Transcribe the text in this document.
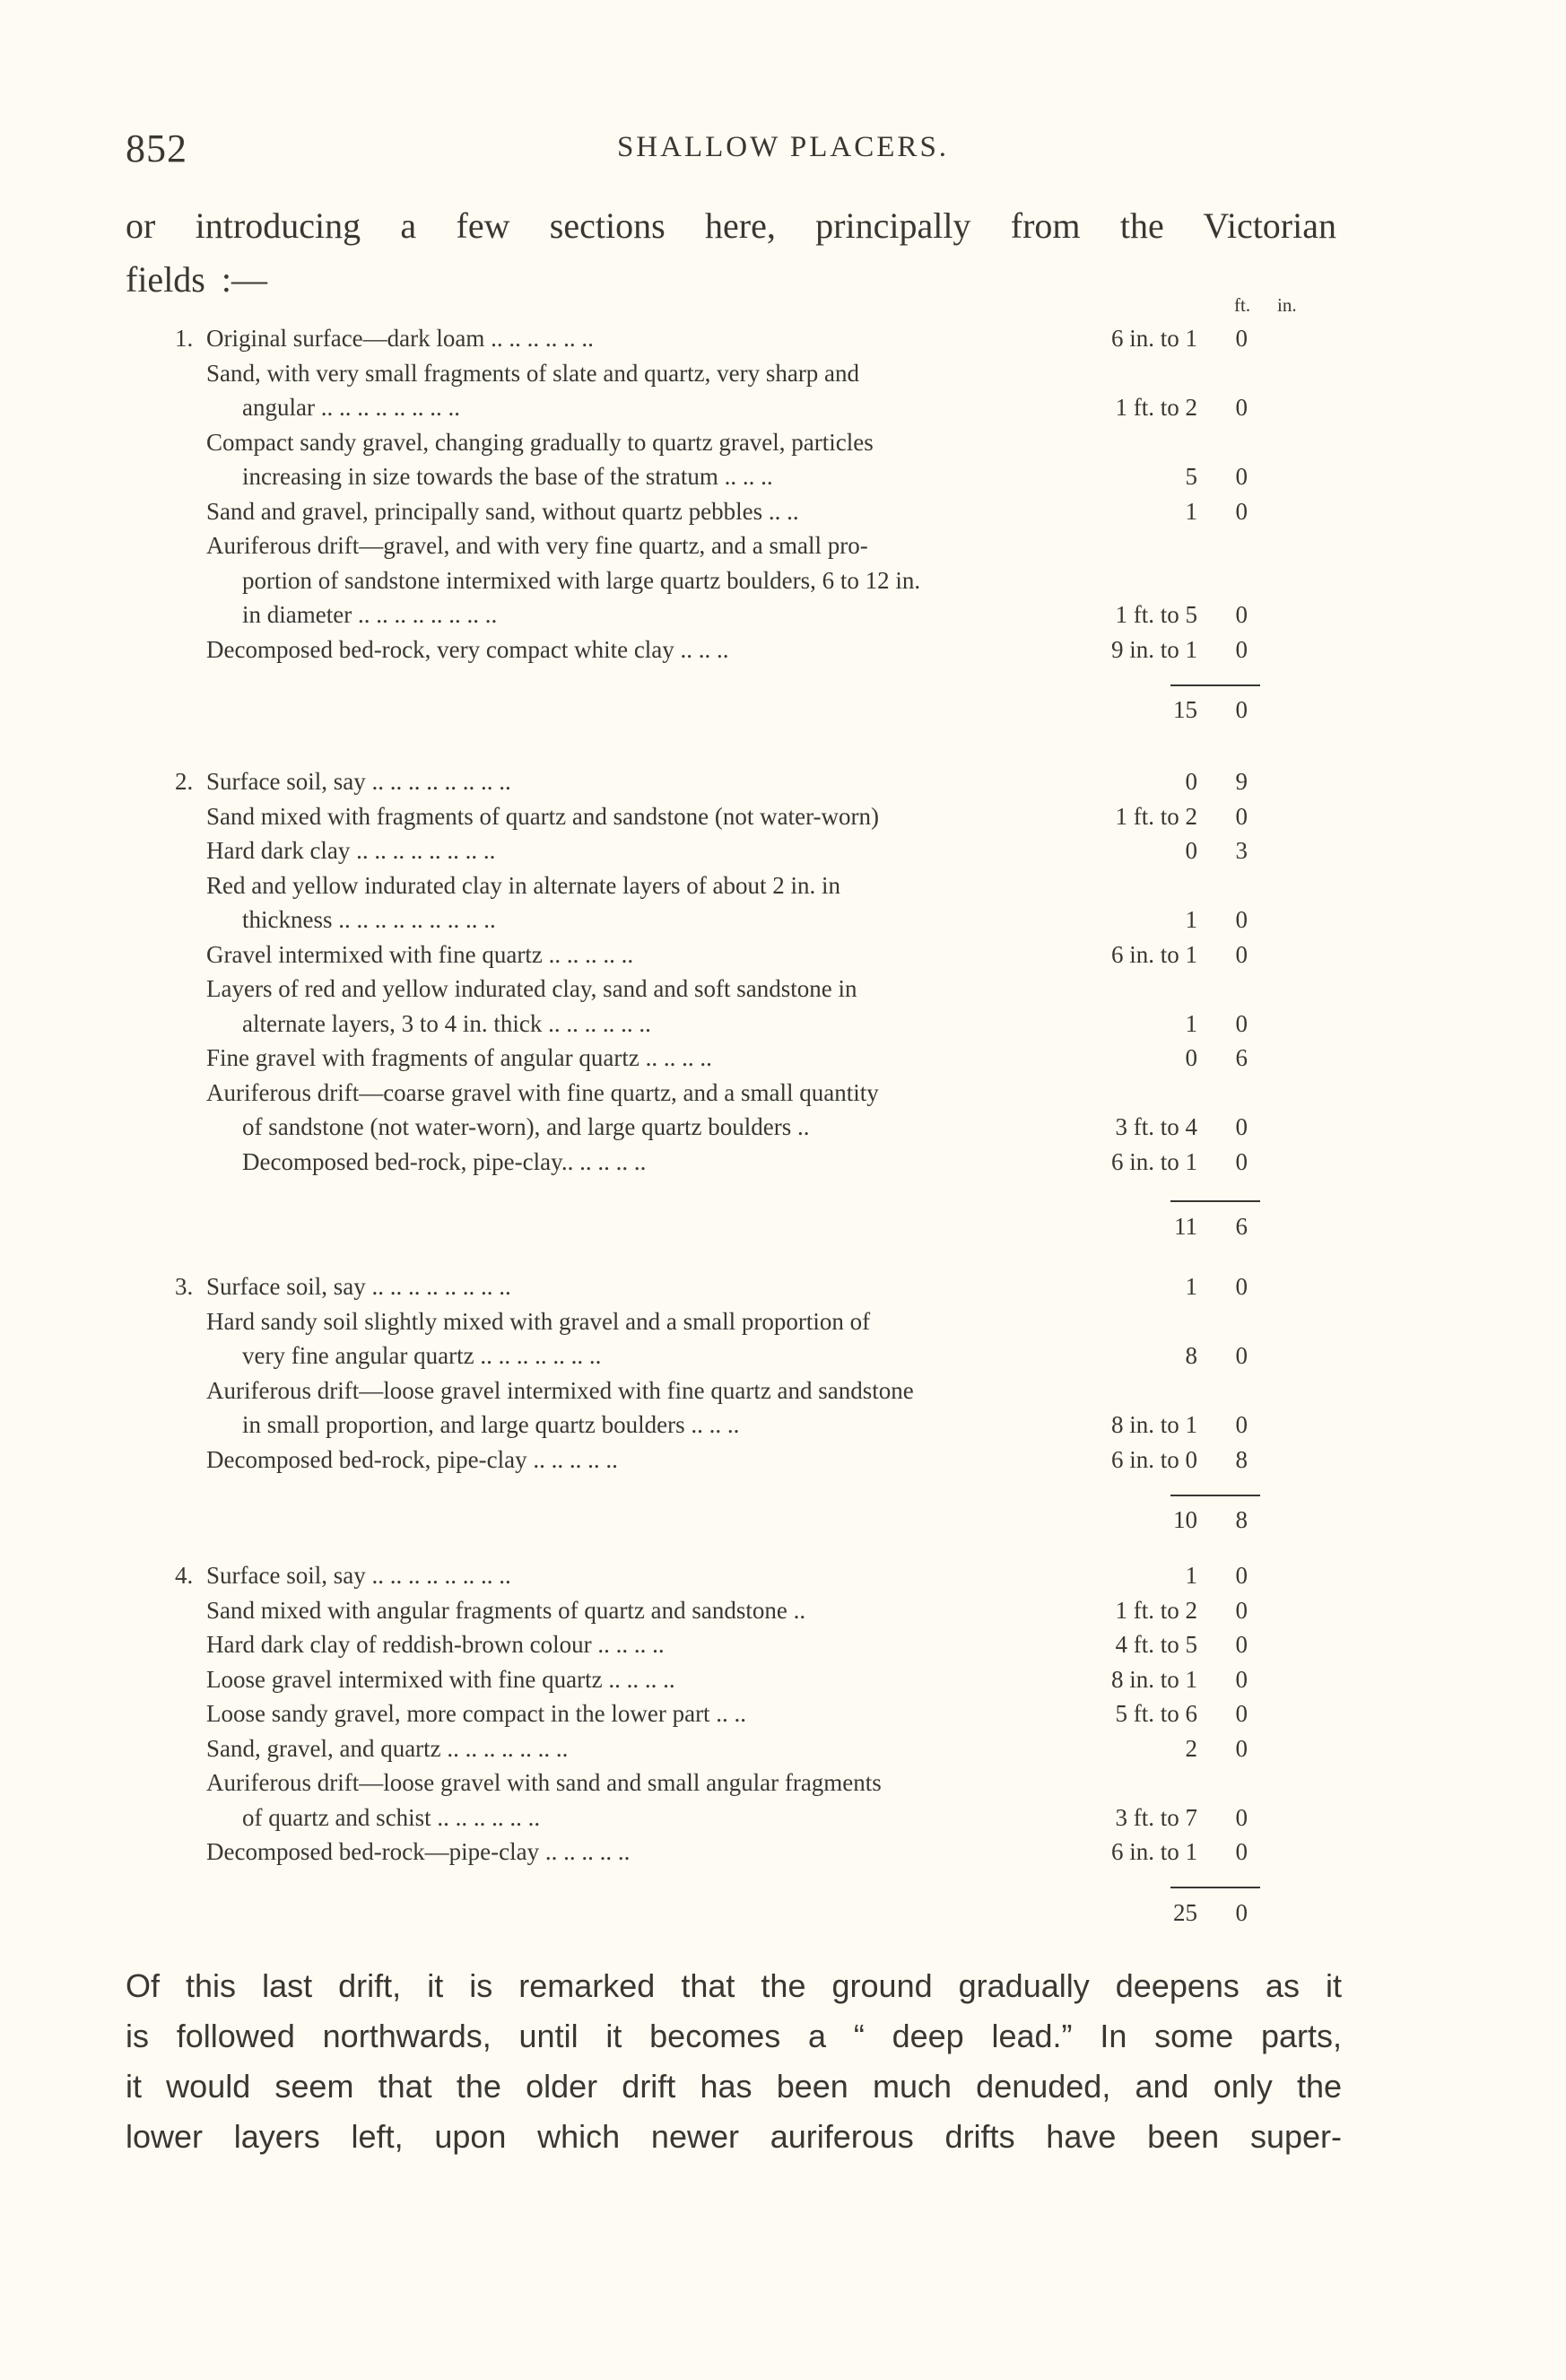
852	SHALLOW PLACERS.
or introducing a few sections here, principally from the Victorian
fields :—
ft. in.
1. Original surface—dark loam .. .. .. .. .. ..	6 in. to 1	0
Sand, with very small fragments of slate and quartz, very sharp and
angular .. .. .. .. .. .. .. ..	1 ft. to 2	0
Compact sandy gravel, changing gradually to quartz gravel, particles
increasing in size towards the base of the stratum .. .. ..	5	0
Sand and gravel, principally sand, without quartz pebbles .. ..	1	0
Auriferous drift—gravel, and with very fine quartz, and a small pro-
portion of sandstone intermixed with large quartz boulders, 6 to 12 in.
in diameter .. .. .. .. .. .. .. ..	1 ft. to 5	0
Decomposed bed-rock, very compact white clay .. .. ..	9 in. to 1	0
15 0
2. Surface soil, say .. .. .. .. .. .. .. ..	0	9
Sand mixed with fragments of quartz and sandstone (not water-worn)	1 ft. to 2	0
Hard dark clay .. .. .. .. .. .. .. ..	0	3
Red and yellow indurated clay in alternate layers of about 2 in. in
thickness .. .. .. .. .. .. .. .. ..	1	0
Gravel intermixed with fine quartz .. .. .. .. ..	6 in. to 1	0
Layers of red and yellow indurated clay, sand and soft sandstone in
alternate layers, 3 to 4 in. thick .. .. .. .. .. ..	1	0
Fine gravel with fragments of angular quartz .. .. .. ..	0	6
Auriferous drift—coarse gravel with fine quartz, and a small quantity
of sandstone (not water-worn), and large quartz boulders ..	3 ft. to 4	0
Decomposed bed-rock, pipe-clay.. .. .. .. ..	6 in. to 1	0
11 6
3. Surface soil, say .. .. .. .. .. .. .. ..	1	0
Hard sandy soil slightly mixed with gravel and a small proportion of
very fine angular quartz .. .. .. .. .. .. ..	8	0
Auriferous drift—loose gravel intermixed with fine quartz and sandstone
in small proportion, and large quartz boulders .. .. ..	8 in. to 1	0
Decomposed bed-rock, pipe-clay .. .. .. .. ..	6 in. to 0	8
10 8
4. Surface soil, say .. .. .. .. .. .. .. ..	1	0
Sand mixed with angular fragments of quartz and sandstone ..	1 ft. to 2	0
Hard dark clay of reddish-brown colour .. .. .. ..	4 ft. to 5	0
Loose gravel intermixed with fine quartz .. .. .. ..	8 in. to 1	0
Loose sandy gravel, more compact in the lower part .. ..	5 ft. to 6	0
Sand, gravel, and quartz .. .. .. .. .. .. ..	2	0
Auriferous drift—loose gravel with sand and small angular fragments
of quartz and schist .. .. .. .. .. ..	3 ft. to 7	0
Decomposed bed-rock—pipe-clay .. .. .. .. ..	6 in. to 1	0
25 0
Of this last drift, it is remarked that the ground gradually deepens as it
is followed northwards, until it becomes a “ deep lead.” In some parts,
it would seem that the older drift has been much denuded, and only the
lower layers left, upon which newer auriferous drifts have been super-
